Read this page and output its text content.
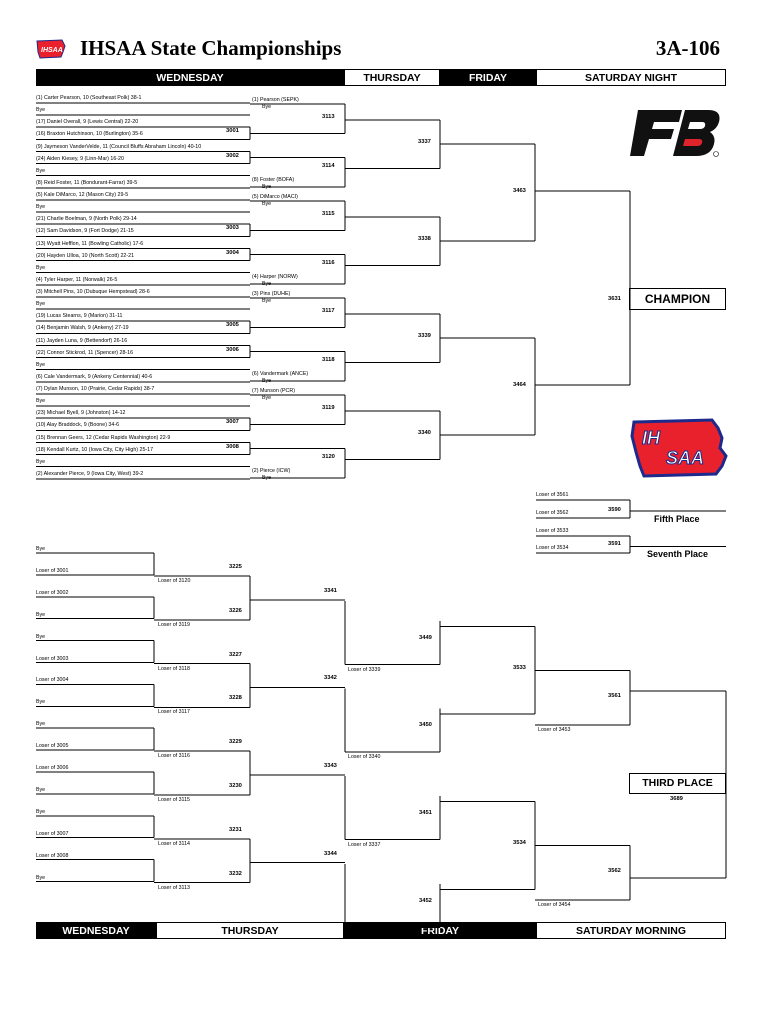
IHSAA IHSAA State Championships	3A-106
WEDNESDAY	THURSDAY	FRIDAY	SATURDAY NIGHT
WEDNESDAY	THURSDAY	FRIDAY	SATURDAY MORNING
IH
SAA
CHAMPION
THIRD PLACE
3689
Loser of 3561
Loser of 3562	3590
Fifth Place
Loser of 3533
Loser of 3534
3591
Seventh Place
(1) Carter Pearson, 10 (Southeast Polk) 38-1
Bye
(17) Daniel Overall, 9 (Lewis Central) 22-20
(16) Braxton Hutchinson, 10 (Burlington) 35-6
(9) Jaymeson VanderVelde, 11 (Council Bluffs Abraham Lincoln) 40-10
(24) Aiden Kiesey, 9 (Linn-Mar) 16-20
Bye
(8) Reid Foster, 11 (Bondurant-Farrar) 39-5
(5) Kale DiMarco, 12 (Mason City) 29-5
Bye
(21) Charlie Boelman, 9 (North Polk) 29-14
(12) Sam Davidson, 9 (Fort Dodge) 21-15
(13) Wyatt Hefflon, 11 (Bowling Catholic) 17-6
(20) Hayden Ulloa, 10 (North Scott) 22-21
Bye
(4) Tyler Harper, 11 (Norwalk) 26-5
(3) Mitchell Pins, 10 (Dubuque Hempstead) 28-6
Bye
(19) Lucas Stearns, 9 (Marion) 31-11
(14) Benjamin Walsh, 9 (Ankeny) 27-19
(11) Jayden Luna, 9 (Bettendorf) 26-16
(22) Connor Stickrod, 11 (Spencer) 28-16
Bye
(6) Cale Vandermark, 9 (Ankeny Centennial) 40-6
(7) Dylan Munson, 10 (Prairie, Cedar Rapids) 38-7
Bye
(23) Michael Byell, 9 (Johnston) 14-12
(10) Alay Braddock, 9 (Boone) 34-6
(15) Brennan Geers, 12 (Cedar Rapids Washington) 22-9
(18) Kendall Kurtz, 10 (Iowa City, City High) 25-17
Bye
(2) Alexander Pierce, 9 (Iowa City, West) 39-2
3001
3002
3003
3004
3005
3006
3007
3008
(1) Pearson (SEPK)
Bye
(8) Foster (BOFA)
Bye
(5) DiMarco (MACI)
Bye
(4) Harper (NORW)
Bye
(3) Pins (DUHE)
Bye
(6) Vandermark (ANCE)
Bye
(7) Munson (PCR)
Bye
(2) Pierce (ICW)
Bye
3113
3114
3115
3116
3117
3118
3119
3120
3337
3338
3339
3340
3463
3464
3631
Bye
Loser of 3001
Loser of 3002
Bye
Bye
Loser of 3003
Loser of 3004
Bye
Bye
Loser of 3005
Loser of 3006
Bye
Bye
Loser of 3007
Loser of 3008
Bye
3225
Loser of 3120
3226
Loser of 3119
3227
Loser of 3118
3228
Loser of 3117
3229
Loser of 3116
3230
Loser of 3115
3231
Loser of 3114
3232
Loser of 3113
3341
3342
3343
3344
Loser of 3339
3449
Loser of 3340
3450
Loser of 3337
3451
Loser of 3338
3452
3533
3534
Loser of 3453
3561
Loser of 3454
3562
